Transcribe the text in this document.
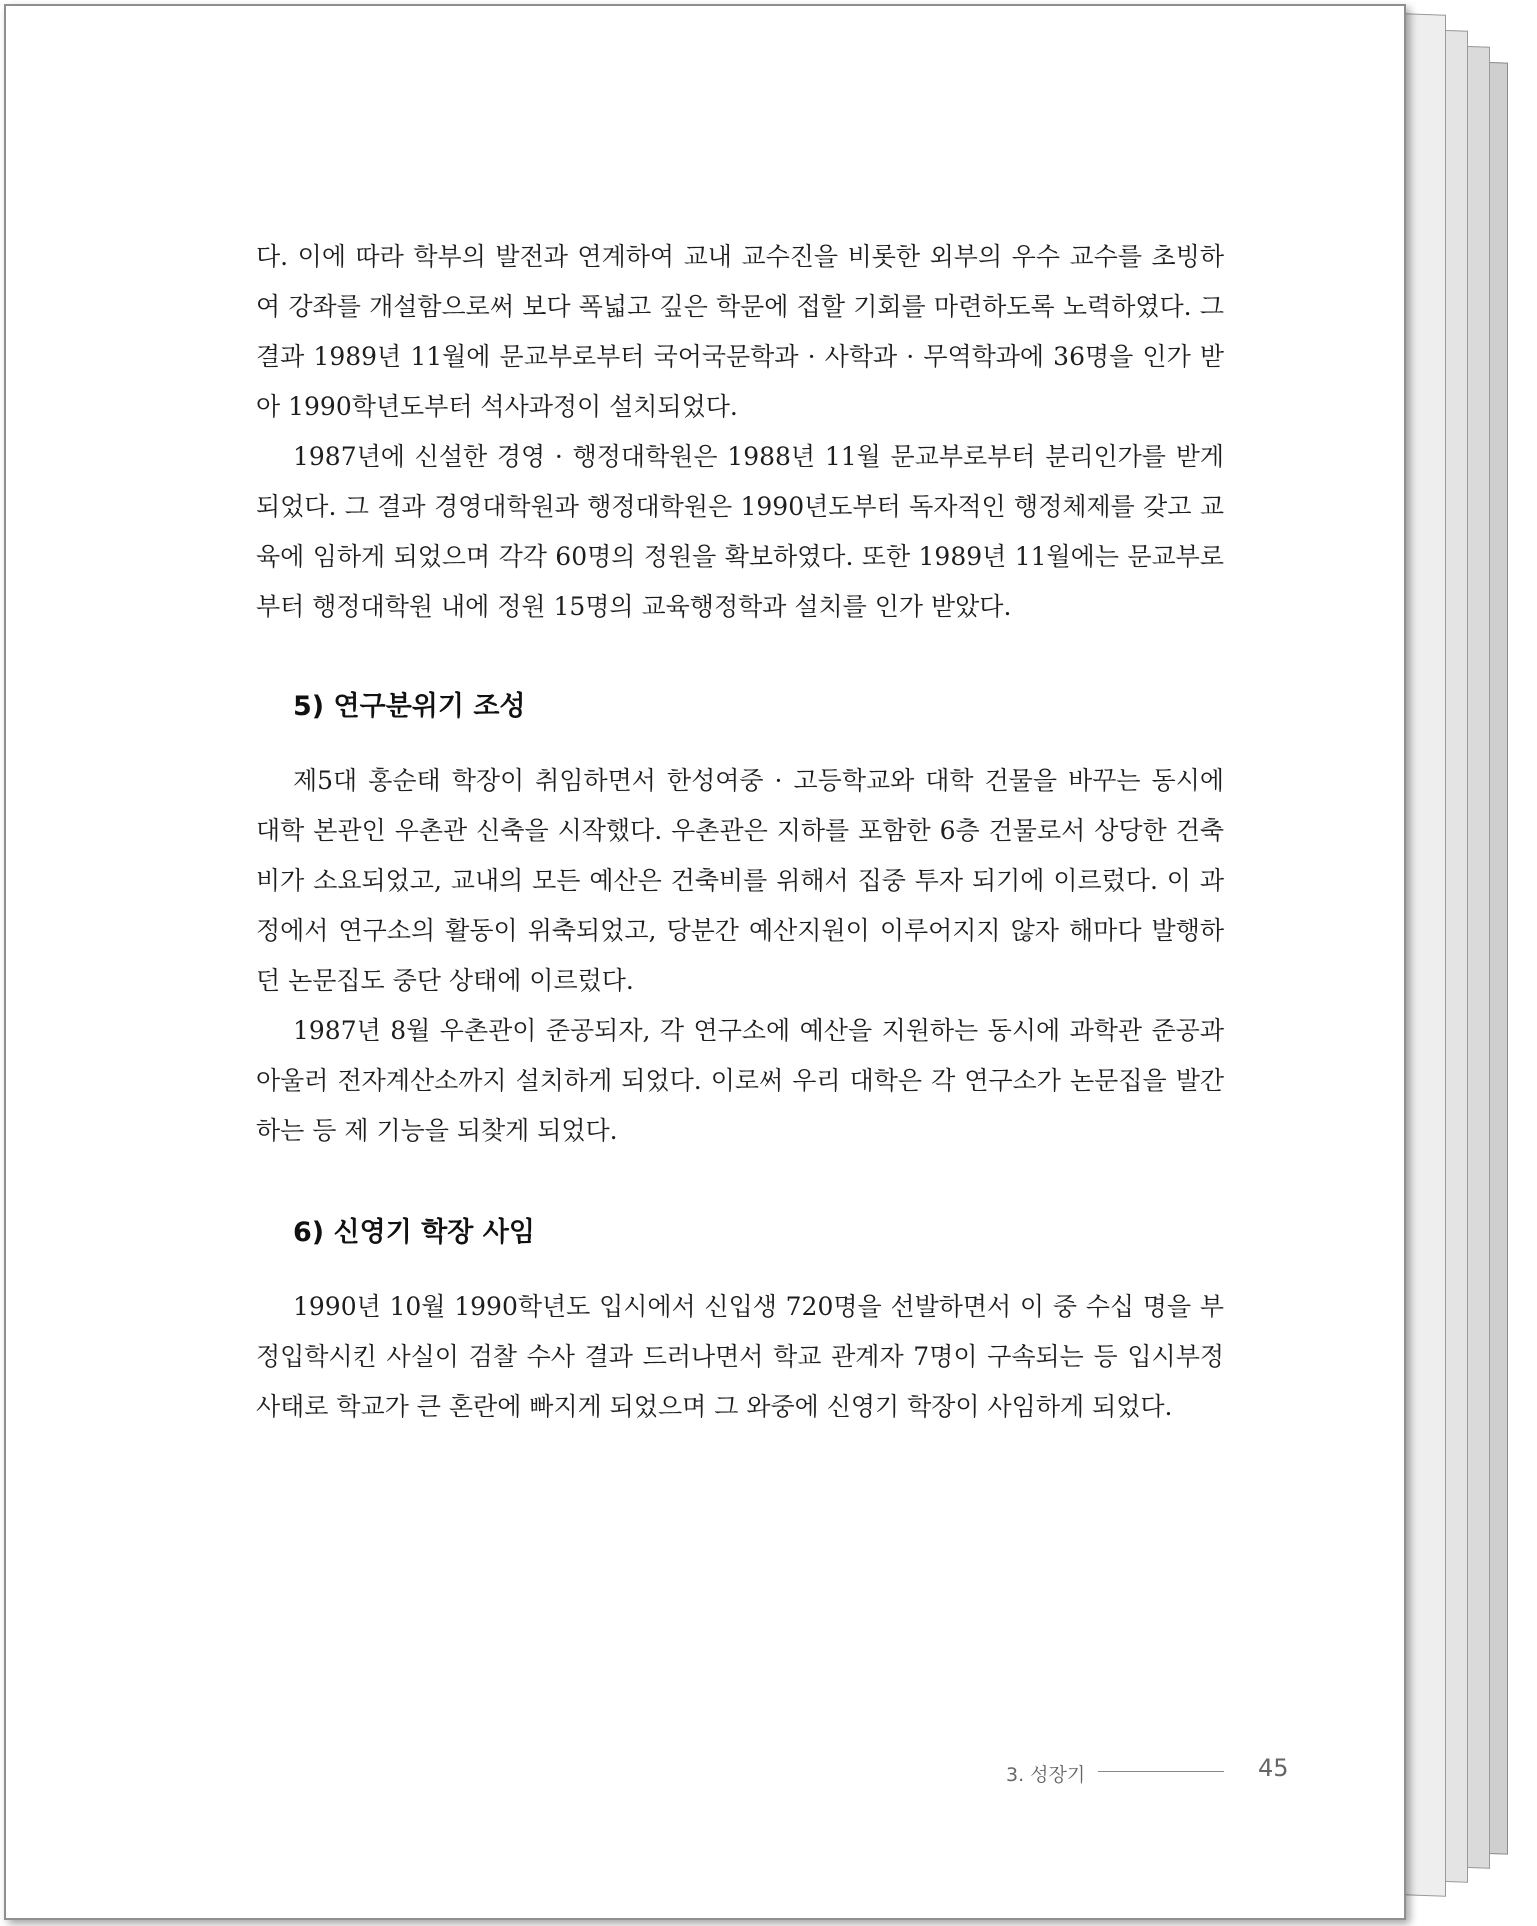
다. 이에 따라 학부의 발전과 연계하여 교내 교수진을 비롯한 외부의 우수 교수를 초빙하여 강좌를 개설함으로써 보다 폭넓고 깊은 학문에 접할 기회를 마련하도록 노력하였다. 그 결과 1989년 11월에 문교부로부터 국어국문학과 · 사학과 · 무역학과에 36명을 인가 받아 1990학년도부터 석사과정이 설치되었다.

1987년에 신설한 경영 · 행정대학원은 1988년 11월 문교부로부터 분리인가를 받게 되었다. 그 결과 경영대학원과 행정대학원은 1990년도부터 독자적인 행정체제를 갖고 교육에 임하게 되었으며 각각 60명의 정원을 확보하였다. 또한 1989년 11월에는 문교부로부터 행정대학원 내에 정원 15명의 교육행정학과 설치를 인가 받았다.

5) 연구분위기 조성

제5대 홍순태 학장이 취임하면서 한성여중 · 고등학교와 대학 건물을 바꾸는 동시에 대학 본관인 우촌관 신축을 시작했다. 우촌관은 지하를 포함한 6층 건물로서 상당한 건축비가 소요되었고, 교내의 모든 예산은 건축비를 위해서 집중 투자 되기에 이르렀다. 이 과정에서 연구소의 활동이 위축되었고, 당분간 예산지원이 이루어지지 않자 해마다 발행하던 논문집도 중단 상태에 이르렀다.

1987년 8월 우촌관이 준공되자, 각 연구소에 예산을 지원하는 동시에 과학관 준공과 아울러 전자계산소까지 설치하게 되었다. 이로써 우리 대학은 각 연구소가 논문집을 발간하는 등 제 기능을 되찾게 되었다.

6) 신영기 학장 사임

1990년 10월 1990학년도 입시에서 신입생 720명을 선발하면서 이 중 수십 명을 부정입학시킨 사실이 검찰 수사 결과 드러나면서 학교 관계자 7명이 구속되는 등 입시부정사태로 학교가 큰 혼란에 빠지게 되었으며 그 와중에 신영기 학장이 사임하게 되었다.

3. 성장기	45
